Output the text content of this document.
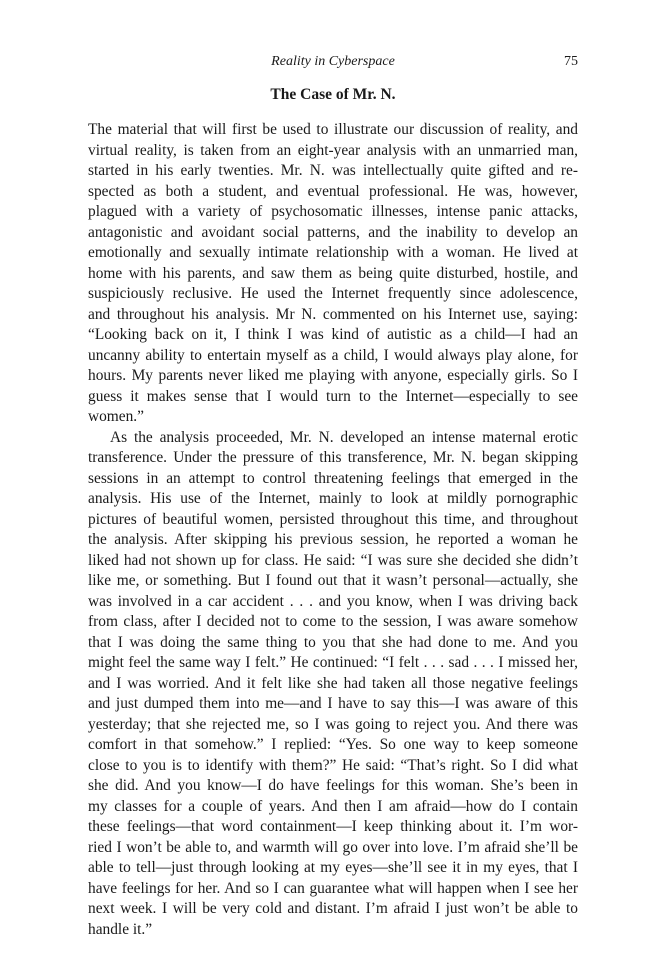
Reality in Cyberspace	75
The Case of Mr. N.

The material that will first be used to illustrate our discussion of reality, and
virtual reality, is taken from an eight-year analysis with an unmarried man,
started in his early twenties. Mr. N. was intellectually quite gifted and re-
spected as both a student, and eventual professional. He was, however,
plagued with a variety of psychosomatic illnesses, intense panic attacks,
antagonistic and avoidant social patterns, and the inability to develop an
emotionally and sexually intimate relationship with a woman. He lived at
home with his parents, and saw them as being quite disturbed, hostile, and
suspiciously reclusive. He used the Internet frequently since adolescence,
and throughout his analysis. Mr N. commented on his Internet use, saying:
“Looking back on it, I think I was kind of autistic as a child—I had an
uncanny ability to entertain myself as a child, I would always play alone, for
hours. My parents never liked me playing with anyone, especially girls. So I
guess it makes sense that I would turn to the Internet—especially to see
women.”

As the analysis proceeded, Mr. N. developed an intense maternal erotic
transference. Under the pressure of this transference, Mr. N. began skipping
sessions in an attempt to control threatening feelings that emerged in the
analysis. His use of the Internet, mainly to look at mildly pornographic
pictures of beautiful women, persisted throughout this time, and throughout
the analysis. After skipping his previous session, he reported a woman he
liked had not shown up for class. He said: “I was sure she decided she didn’t
like me, or something. But I found out that it wasn’t personal—actually, she
was involved in a car accident . . . and you know, when I was driving back
from class, after I decided not to come to the session, I was aware somehow
that I was doing the same thing to you that she had done to me. And you
might feel the same way I felt.” He continued: “I felt . . . sad . . . I missed her,
and I was worried. And it felt like she had taken all those negative feelings
and just dumped them into me—and I have to say this—I was aware of this
yesterday; that she rejected me, so I was going to reject you. And there was
comfort in that somehow.” I replied: “Yes. So one way to keep someone
close to you is to identify with them?” He said: “That’s right. So I did what
she did. And you know—I do have feelings for this woman. She’s been in
my classes for a couple of years. And then I am afraid—how do I contain
these feelings—that word containment—I keep thinking about it. I’m wor-
ried I won’t be able to, and warmth will go over into love. I’m afraid she’ll be
able to tell—just through looking at my eyes—she’ll see it in my eyes, that I
have feelings for her. And so I can guarantee what will happen when I see her
next week. I will be very cold and distant. I’m afraid I just won’t be able to
handle it.”
